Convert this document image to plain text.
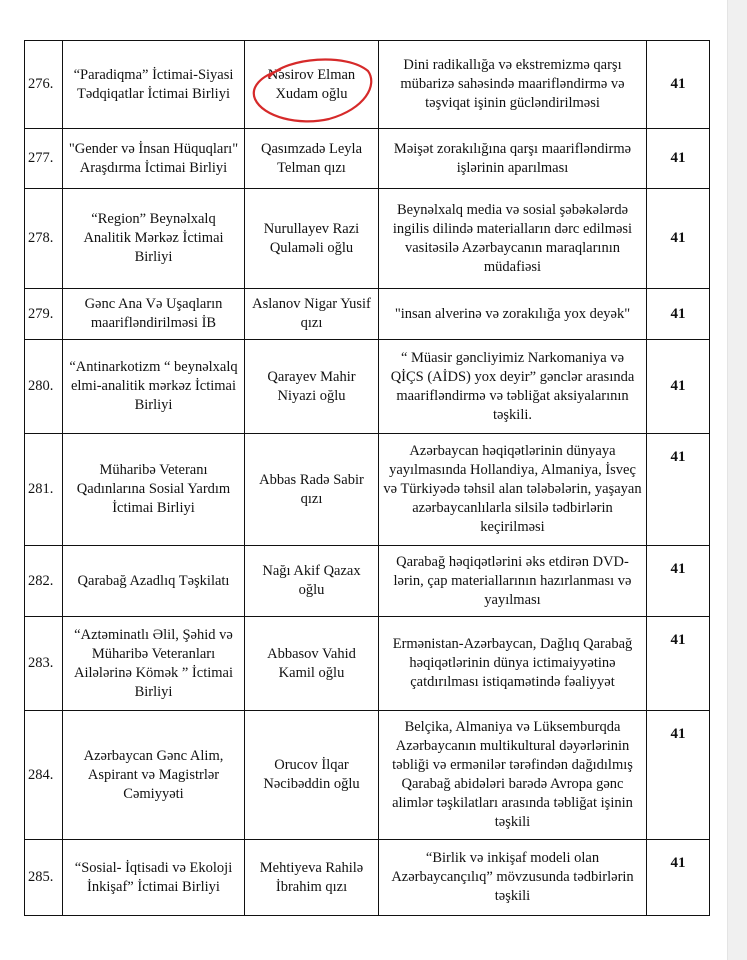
276.	“Paradiqma” İctimai-Siyasi Tədqiqatlar İctimai Birliyi	Nəsirov Elman Xudam oğlu	Dini radikallığa və ekstremizmə qarşı mübarizə sahəsində maarifləndirmə və təşviqat işinin gücləndirilməsi	41
277.	"Gender və İnsan Hüquqları" Araşdırma İctimai Birliyi	Qasımzadə Leyla Telman qızı	Məişət zorakılığına qarşı maarifləndirmə işlərinin aparılması	41
278.	“Region” Beynəlxalq Analitik Mərkəz İctimai Birliyi	Nurullayev Razi Qulaməli oğlu	Beynəlxalq media və sosial şəbəkələrdə ingilis dilində materialların dərc edilməsi vasitəsilə Azərbaycanın maraqlarının müdafiəsi	41
279.	Gənc Ana Və Uşaqların maarifləndirilməsi İB	Aslanov Nigar Yusif qızı	"insan alverinə və zorakılığa yox deyək"	41
280.	“Antinarkotizm “ beynəlxalq elmi-analitik mərkəz İctimai Birliyi	Qarayev Mahir Niyazi oğlu	“ Müasir gəncliyimiz Narkomaniya və QİÇS (AİDS) yox deyir” gənclər arasında maarifləndirmə və təbliğat aksiyalarının təşkili.	41
281.	Müharibə Veteranı Qadınlarına Sosial Yardım İctimai Birliyi	Abbas Radə Sabir qızı	Azərbaycan həqiqətlərinin dünyaya yayılmasında Hollandiya, Almaniya, İsveç və Türkiyədə təhsil alan tələbələrin, yaşayan azərbaycanlılarla silsilə tədbirlərin keçirilməsi	41
282.	Qarabağ Azadlıq Təşkilatı	Nağı Akif Qazax oğlu	Qarabağ həqiqətlərini əks etdirən DVD-lərin, çap materiallarının hazırlanması və yayılması	41
283.	“Aztəminatlı Əlil, Şəhid və Müharibə Veteranları Ailələrinə Kömək ” İctimai Birliyi	Abbasov Vahid Kamil oğlu	Ermənistan-Azərbaycan, Dağlıq Qarabağ həqiqətlərinin dünya ictimaiyyətinə çatdırılması istiqamətində fəaliyyət	41
284.	Azərbaycan Gənc Alim, Aspirant və Magistrlər Cəmiyyəti	Orucov İlqar Nəcibəddin oğlu	Belçika, Almaniya və Lüksemburqda Azərbaycanın multikultural dəyərlərinin təbliği və ermənilər tərəfindən dağıdılmış Qarabağ abidələri barədə Avropa gənc alimlər təşkilatları arasında təbliğat işinin təşkili	41
285.	“Sosial- İqtisadi və Ekoloji İnkişaf” İctimai Birliyi	Mehtiyeva Rahilə İbrahim qızı	“Birlik və inkişaf modeli olan Azərbaycançılıq” mövzusunda tədbirlərin təşkili	41
